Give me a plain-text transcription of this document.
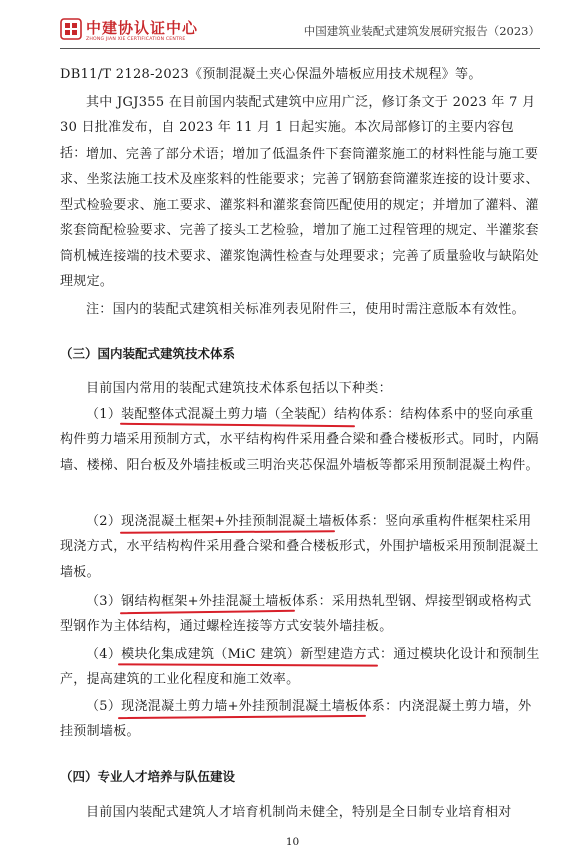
中建协认证中心
ZHONG JIAN XIE CERTIFICATION CENTRE
中国建筑业装配式建筑发展研究报告（2023）
DB11/T 2128-2023《预制混凝土夹心保温外墙板应用技术规程》等。
其中 JGJ355 在目前国内装配式建筑中应用广泛，修订条文于 2023 年 7 月 30 日批准发布，自 2023 年 11 月 1 日起实施。本次局部修订的主要内容包括： 增加、完善了部分术语；增加了低温条件下套筒灌浆施工的材料性能与施工要求、坐浆法施工技术及座浆料的性能要求；完善了钢筋套筒灌浆连接的设计要求、型式检验要求、施工要求、灌浆料和灌浆套筒匹配使用的规定；并增加了灌料、灌浆套筒配检验要求、完善了接头工艺检验，增加了施工过程管理的规定、半灌浆套筒机械连接端的技术要求、灌浆饱满性检查与处理要求；完善了质量验收与缺陷处理规定。
注：国内的装配式建筑相关标准列表见附件三，使用时需注意版本有效性。
（三）国内装配式建筑技术体系
目前国内常用的装配式建筑技术体系包括以下种类：
（1）装配整体式混凝土剪力墙（全装配）结构体系：结构体系中的竖向承重构件剪力墙采用预制方式，水平结构构件采用叠合梁和叠合楼板形式。同时，内隔墙、楼梯、阳台板及外墙挂板或三明治夹芯保温外墙板等都采用预制混凝土构件。
（2）现浇混凝土框架+外挂预制混凝土墙板体系：竖向承重构件框架柱采用现浇方式，水平结构构件采用叠合梁和叠合楼板形式，外围护墙板采用预制混凝土墙板。
（3）钢结构框架+外挂混凝土墙板体系：采用热轧型钢、焊接型钢或格构式型钢作为主体结构，通过螺栓连接等方式安装外墙挂板。
（4）模块化集成建筑（MiC 建筑）新型建造方式：通过模块化设计和预制生产，提高建筑的工业化程度和施工效率。
（5）现浇混凝土剪力墙+外挂预制混凝土墙板体系：内浇混凝土剪力墙，外挂预制墙板。
（四）专业人才培养与队伍建设
目前国内装配式建筑人才培育机制尚未健全，特别是全日制专业培育相对
10
